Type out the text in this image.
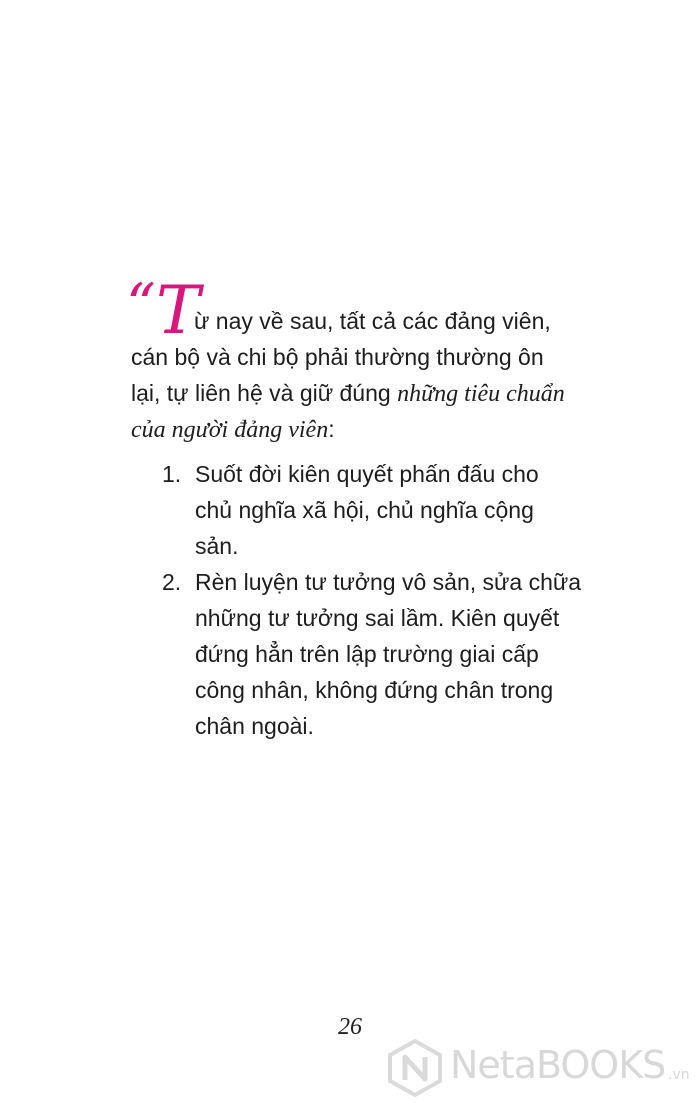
“ T
ừ nay về sau, tất cả các đảng viên,
cán bộ và chi bộ phải thường thường ôn
lại, tự liên hệ và giữ đúng những tiêu chuẩn
của người đảng viên:
1. Suốt đời kiên quyết phấn đấu cho
chủ nghĩa xã hội, chủ nghĩa cộng
sản.
2. Rèn luyện tư tưởng vô sản, sửa chữa
những tư tưởng sai lầm. Kiên quyết
đứng hẳn trên lập trường giai cấp
công nhân, không đứng chân trong
chân ngoài.
26
NetaBOOKS .vn
